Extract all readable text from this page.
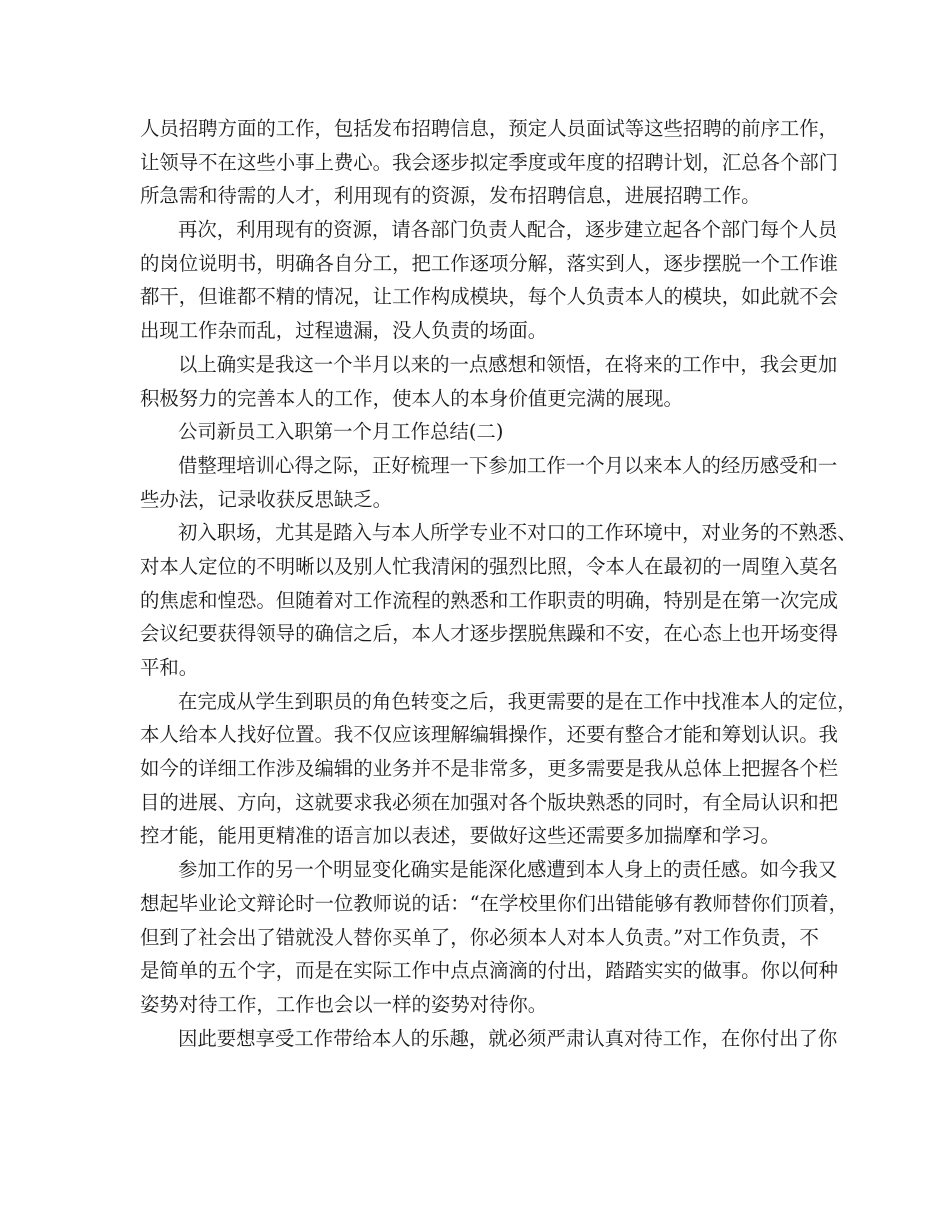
人员招聘方面的工作，包括发布招聘信息，预定人员面试等这些招聘的前序工作，
让领导不在这些小事上费心。我会逐步拟定季度或年度的招聘计划，汇总各个部门
所急需和待需的人才，利用现有的资源，发布招聘信息，进展招聘工作。
再次，利用现有的资源，请各部门负责人配合，逐步建立起各个部门每个人员
的岗位说明书，明确各自分工，把工作逐项分解，落实到人，逐步摆脱一个工作谁
都干，但谁都不精的情况，让工作构成模块，每个人负责本人的模块，如此就不会
出现工作杂而乱，过程遗漏，没人负责的场面。
以上确实是我这一个半月以来的一点感想和领悟，在将来的工作中，我会更加
积极努力的完善本人的工作，使本人的本身价值更完满的展现。
公司新员工入职第一个月工作总结(二)
借整理培训心得之际，正好梳理一下参加工作一个月以来本人的经历感受和一
些办法，记录收获反思缺乏。
初入职场，尤其是踏入与本人所学专业不对口的工作环境中，对业务的不熟悉、
对本人定位的不明晰以及别人忙我清闲的强烈比照，令本人在最初的一周堕入莫名
的焦虑和惶恐。但随着对工作流程的熟悉和工作职责的明确，特别是在第一次完成
会议纪要获得领导的确信之后，本人才逐步摆脱焦躁和不安，在心态上也开场变得
平和。
在完成从学生到职员的角色转变之后，我更需要的是在工作中找准本人的定位，
本人给本人找好位置。我不仅应该理解编辑操作，还要有整合才能和筹划认识。我
如今的详细工作涉及编辑的业务并不是非常多，更多需要是我从总体上把握各个栏
目的进展、方向，这就要求我必须在加强对各个版块熟悉的同时，有全局认识和把
控才能，能用更精准的语言加以表述，要做好这些还需要多加揣摩和学习。
参加工作的另一个明显变化确实是能深化感遭到本人身上的责任感。如今我又
想起毕业论文辩论时一位教师说的话：“在学校里你们出错能够有教师替你们顶着，
但到了社会出了错就没人替你买单了，你必须本人对本人负责。”对工作负责，不
是简单的五个字，而是在实际工作中点点滴滴的付出，踏踏实实的做事。你以何种
姿势对待工作，工作也会以一样的姿势对待你。
因此要想享受工作带给本人的乐趣，就必须严肃认真对待工作，在你付出了你
